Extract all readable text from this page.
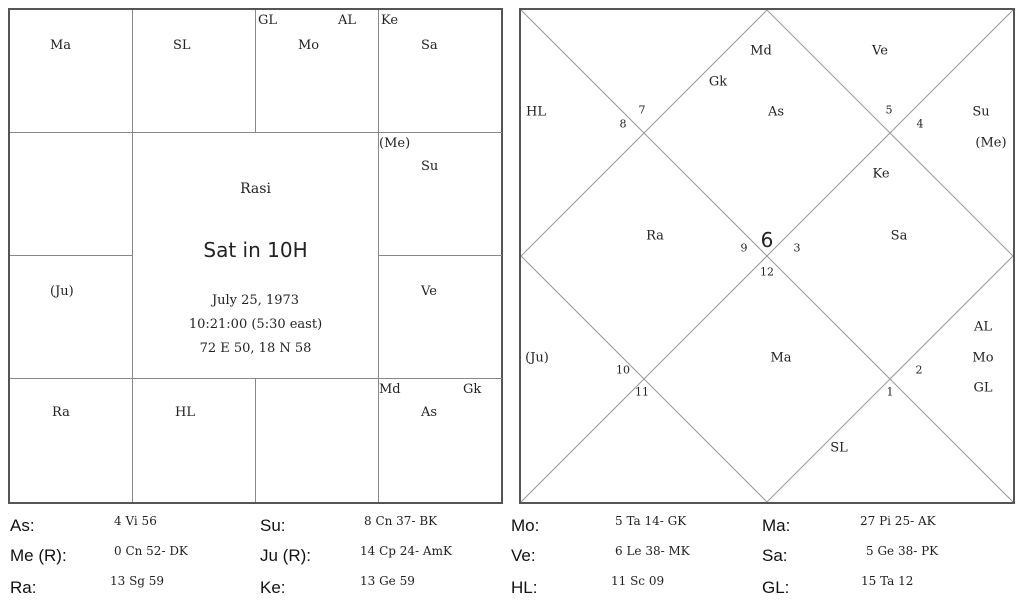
Ma	SL
GL	AL
Mo
Ke
Sa
(Me)
Su
(Ju)	Ve
Ra	HL
Md	Gk
As
Rasi
Sat in 10H
July 25, 1973
10:21:00 (5:30 east)
72 E 50, 18 N 58
6
7
8
9
10
11
12
1
2
3
4
5
Md
Gk
As
HL
Ra
(Ju)	Ma
SL
AL
Mo
GL
Ke
Sa
Su
(Me)
Ve
As:	4 Vi 56	Su:	8 Cn 37- BK	Mo:	5 Ta 14- GK	Ma:	27 Pi 25- AK
Me (R):	0 Cn 52- DK	Ju (R):	14 Cp 24- AmK	Ve:	6 Le 38- MK	Sa:	5 Ge 38- PK
Ra:	13 Sg 59	Ke:	13 Ge 59	HL:	11 Sc 09	GL:	15 Ta 12
